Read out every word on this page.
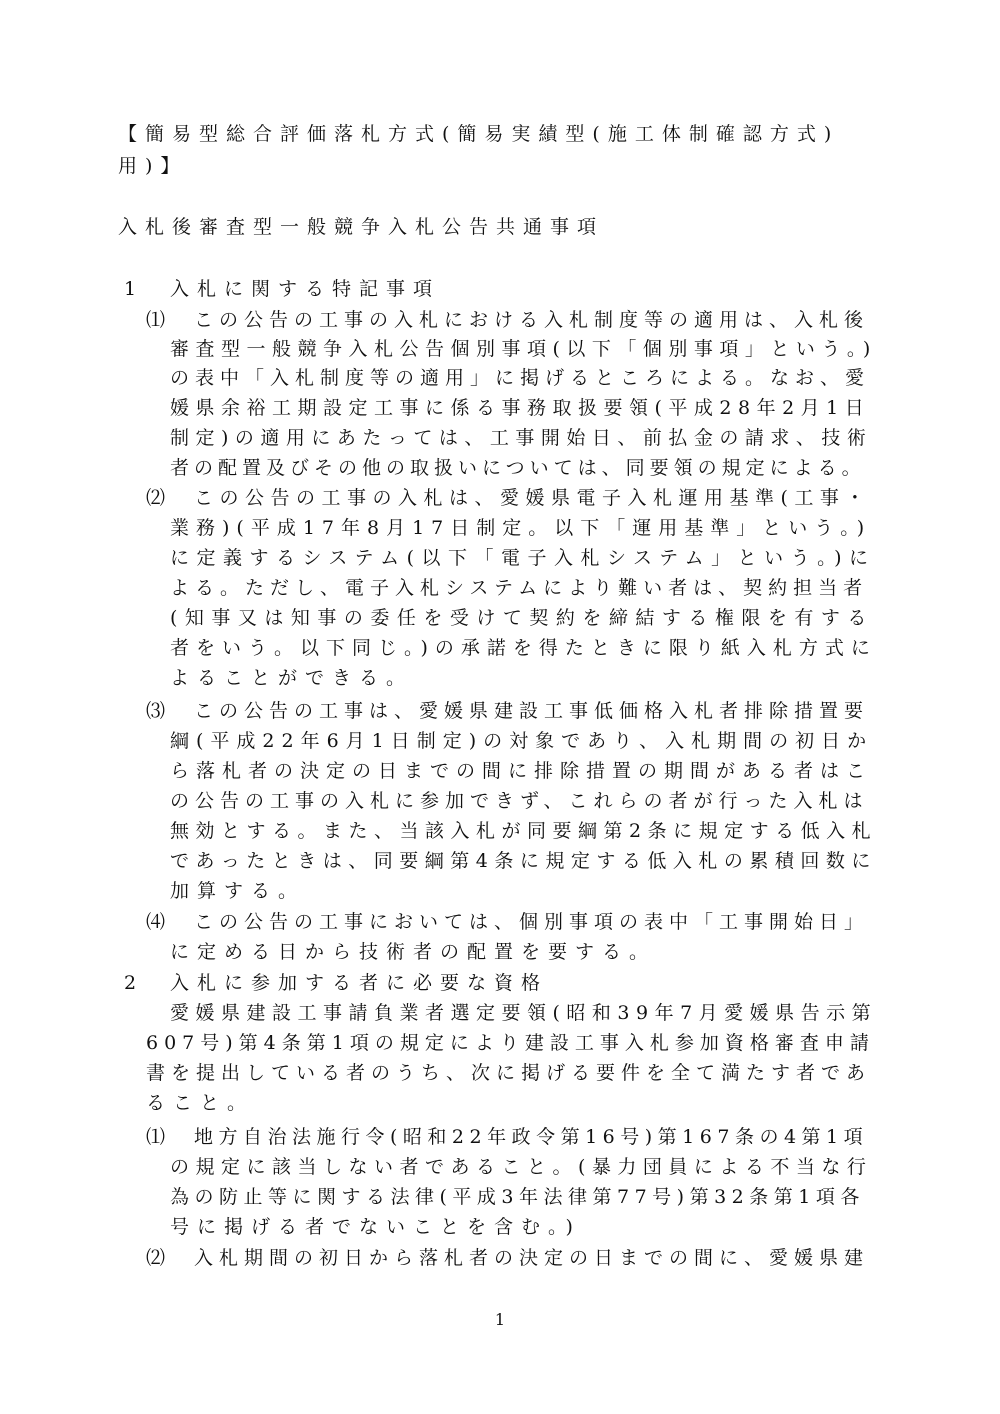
【簡易型総合評価落札方式(簡易実績型(施工体制確認方式)
用)】
入札後審査型一般競争入札公告共通事項
1 入札に関する特記事項
⑴ この公告の工事の入札における入札制度等の適用は、入札後
審査型一般競争入札公告個別事項(以下「個別事項」という。)
の表中「入札制度等の適用」に掲げるところによる。なお、愛
媛県余裕工期設定工事に係る事務取扱要領(平成28年2月1日
制定)の適用にあたっては、工事開始日、前払金の請求、技術
者の配置及びその他の取扱いについては、同要領の規定による。
⑵ この公告の工事の入札は、愛媛県電子入札運用基準(工事・
業務)(平成17年8月17日制定。以下「運用基準」という。)
に定義するシステム(以下「電子入札システム」という。)に
よる。ただし、電子入札システムにより難い者は、契約担当者
(知事又は知事の委任を受けて契約を締結する権限を有する
者をいう。以下同じ。)の承諾を得たときに限り紙入札方式に
よることができる。
⑶ この公告の工事は、愛媛県建設工事低価格入札者排除措置要
綱(平成22年6月1日制定)の対象であり、入札期間の初日か
ら落札者の決定の日までの間に排除措置の期間がある者はこ
の公告の工事の入札に参加できず、これらの者が行った入札は
無効とする。また、当該入札が同要綱第2条に規定する低入札
であったときは、同要綱第4条に規定する低入札の累積回数に
加算する。
⑷ この公告の工事においては、個別事項の表中「工事開始日」
に定める日から技術者の配置を要する。
2 入札に参加する者に必要な資格
愛媛県建設工事請負業者選定要領(昭和39年7月愛媛県告示第
607号)第4条第1項の規定により建設工事入札参加資格審査申請
書を提出している者のうち、次に掲げる要件を全て満たす者であ
ること。
⑴ 地方自治法施行令(昭和22年政令第16号)第167条の4第1項
の規定に該当しない者であること。(暴力団員による不当な行
為の防止等に関する法律(平成3年法律第77号)第32条第1項各
号に掲げる者でないことを含む。)
⑵ 入札期間の初日から落札者の決定の日までの間に、愛媛県建
1
